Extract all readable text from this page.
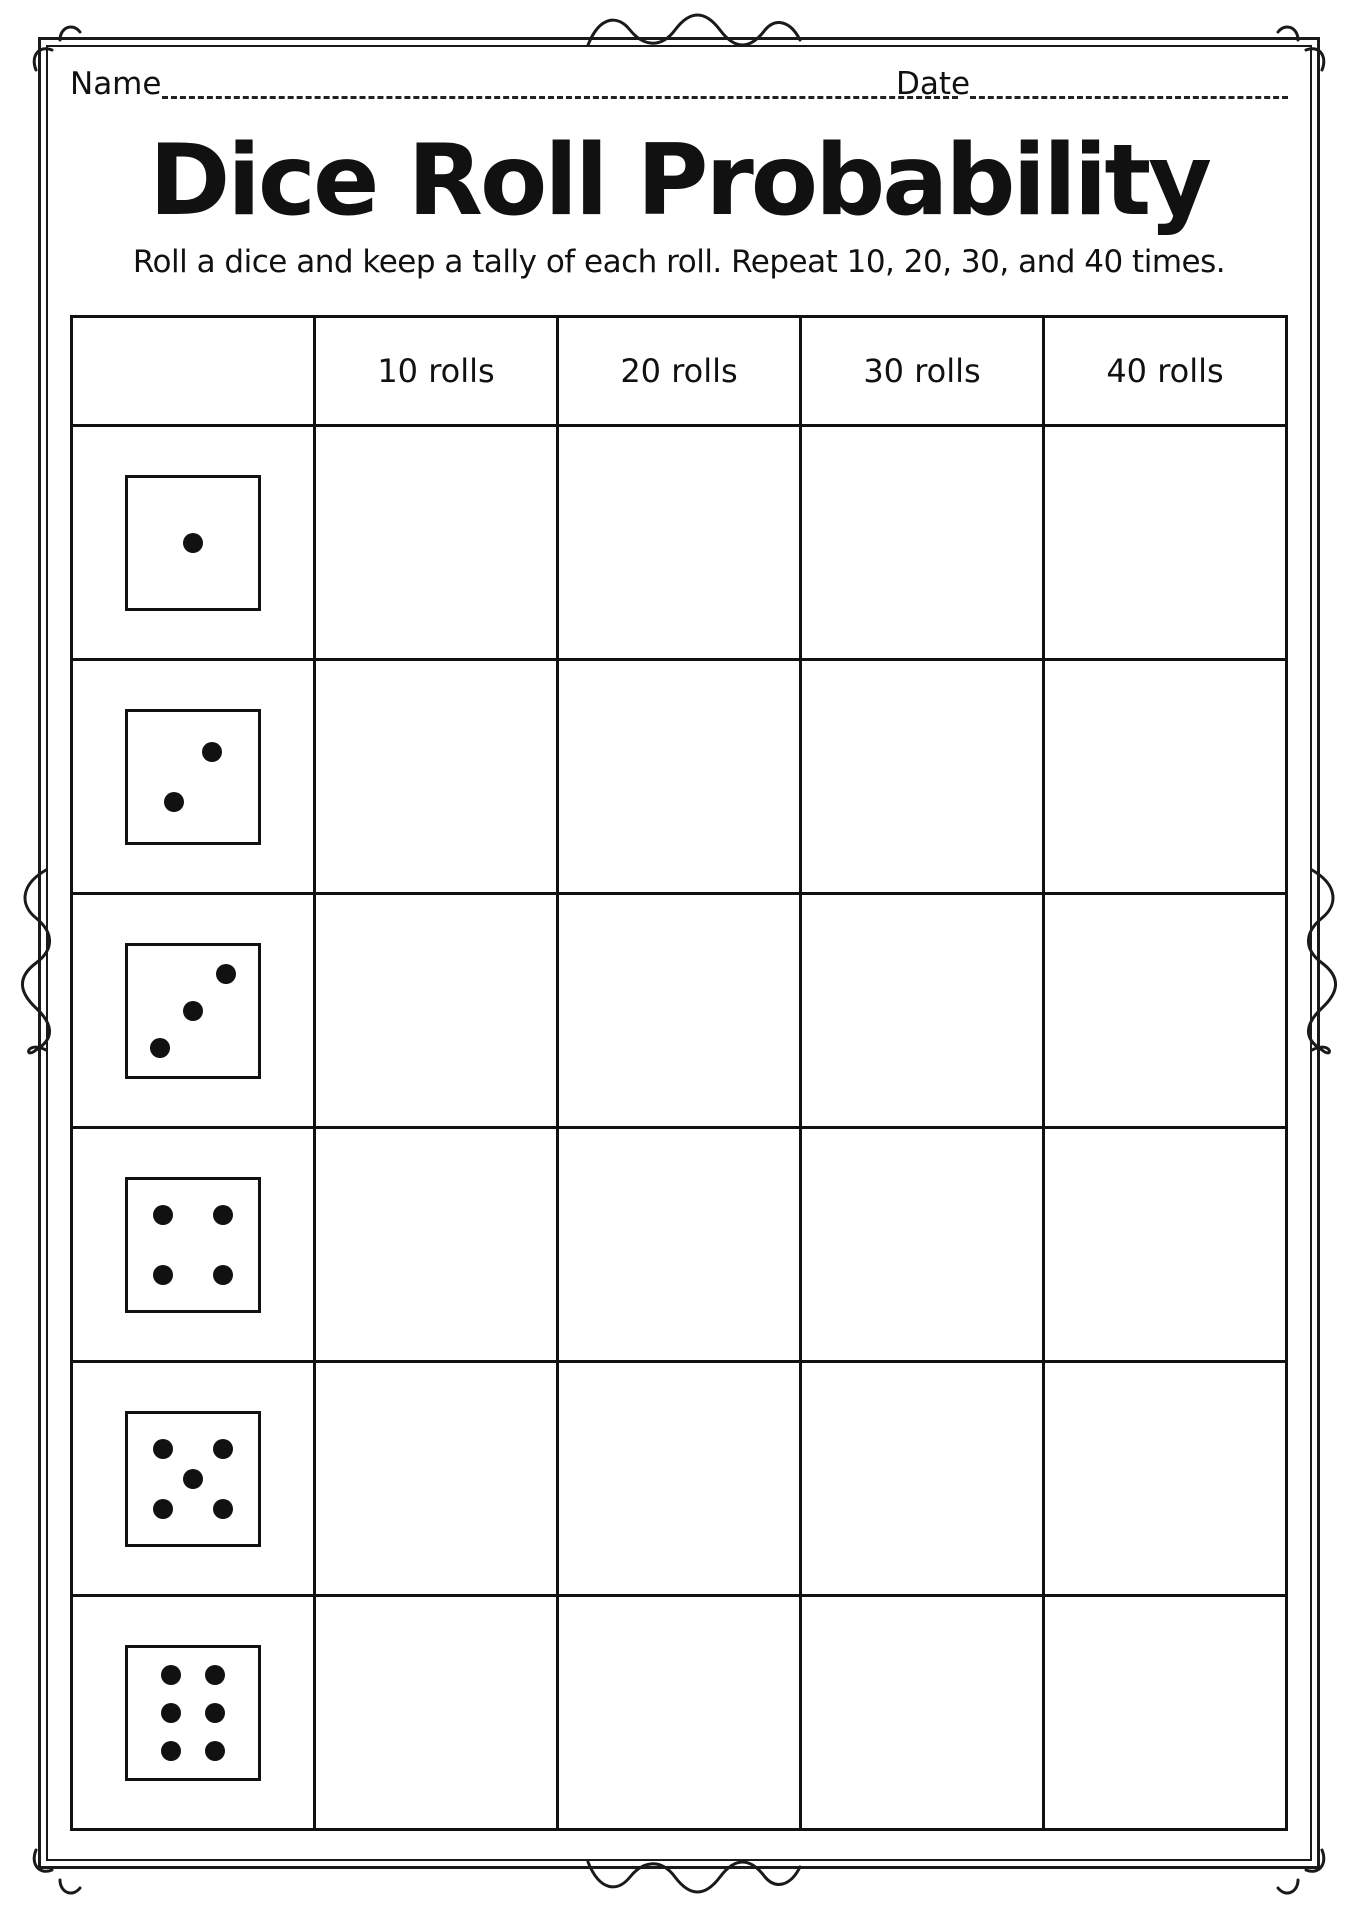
Name	Date
Dice Roll Probability
Roll a dice and keep a tally of each roll. Repeat 10, 20, 30, and 40 times.
	10 rolls	20 rolls	30 rolls	40 rolls
